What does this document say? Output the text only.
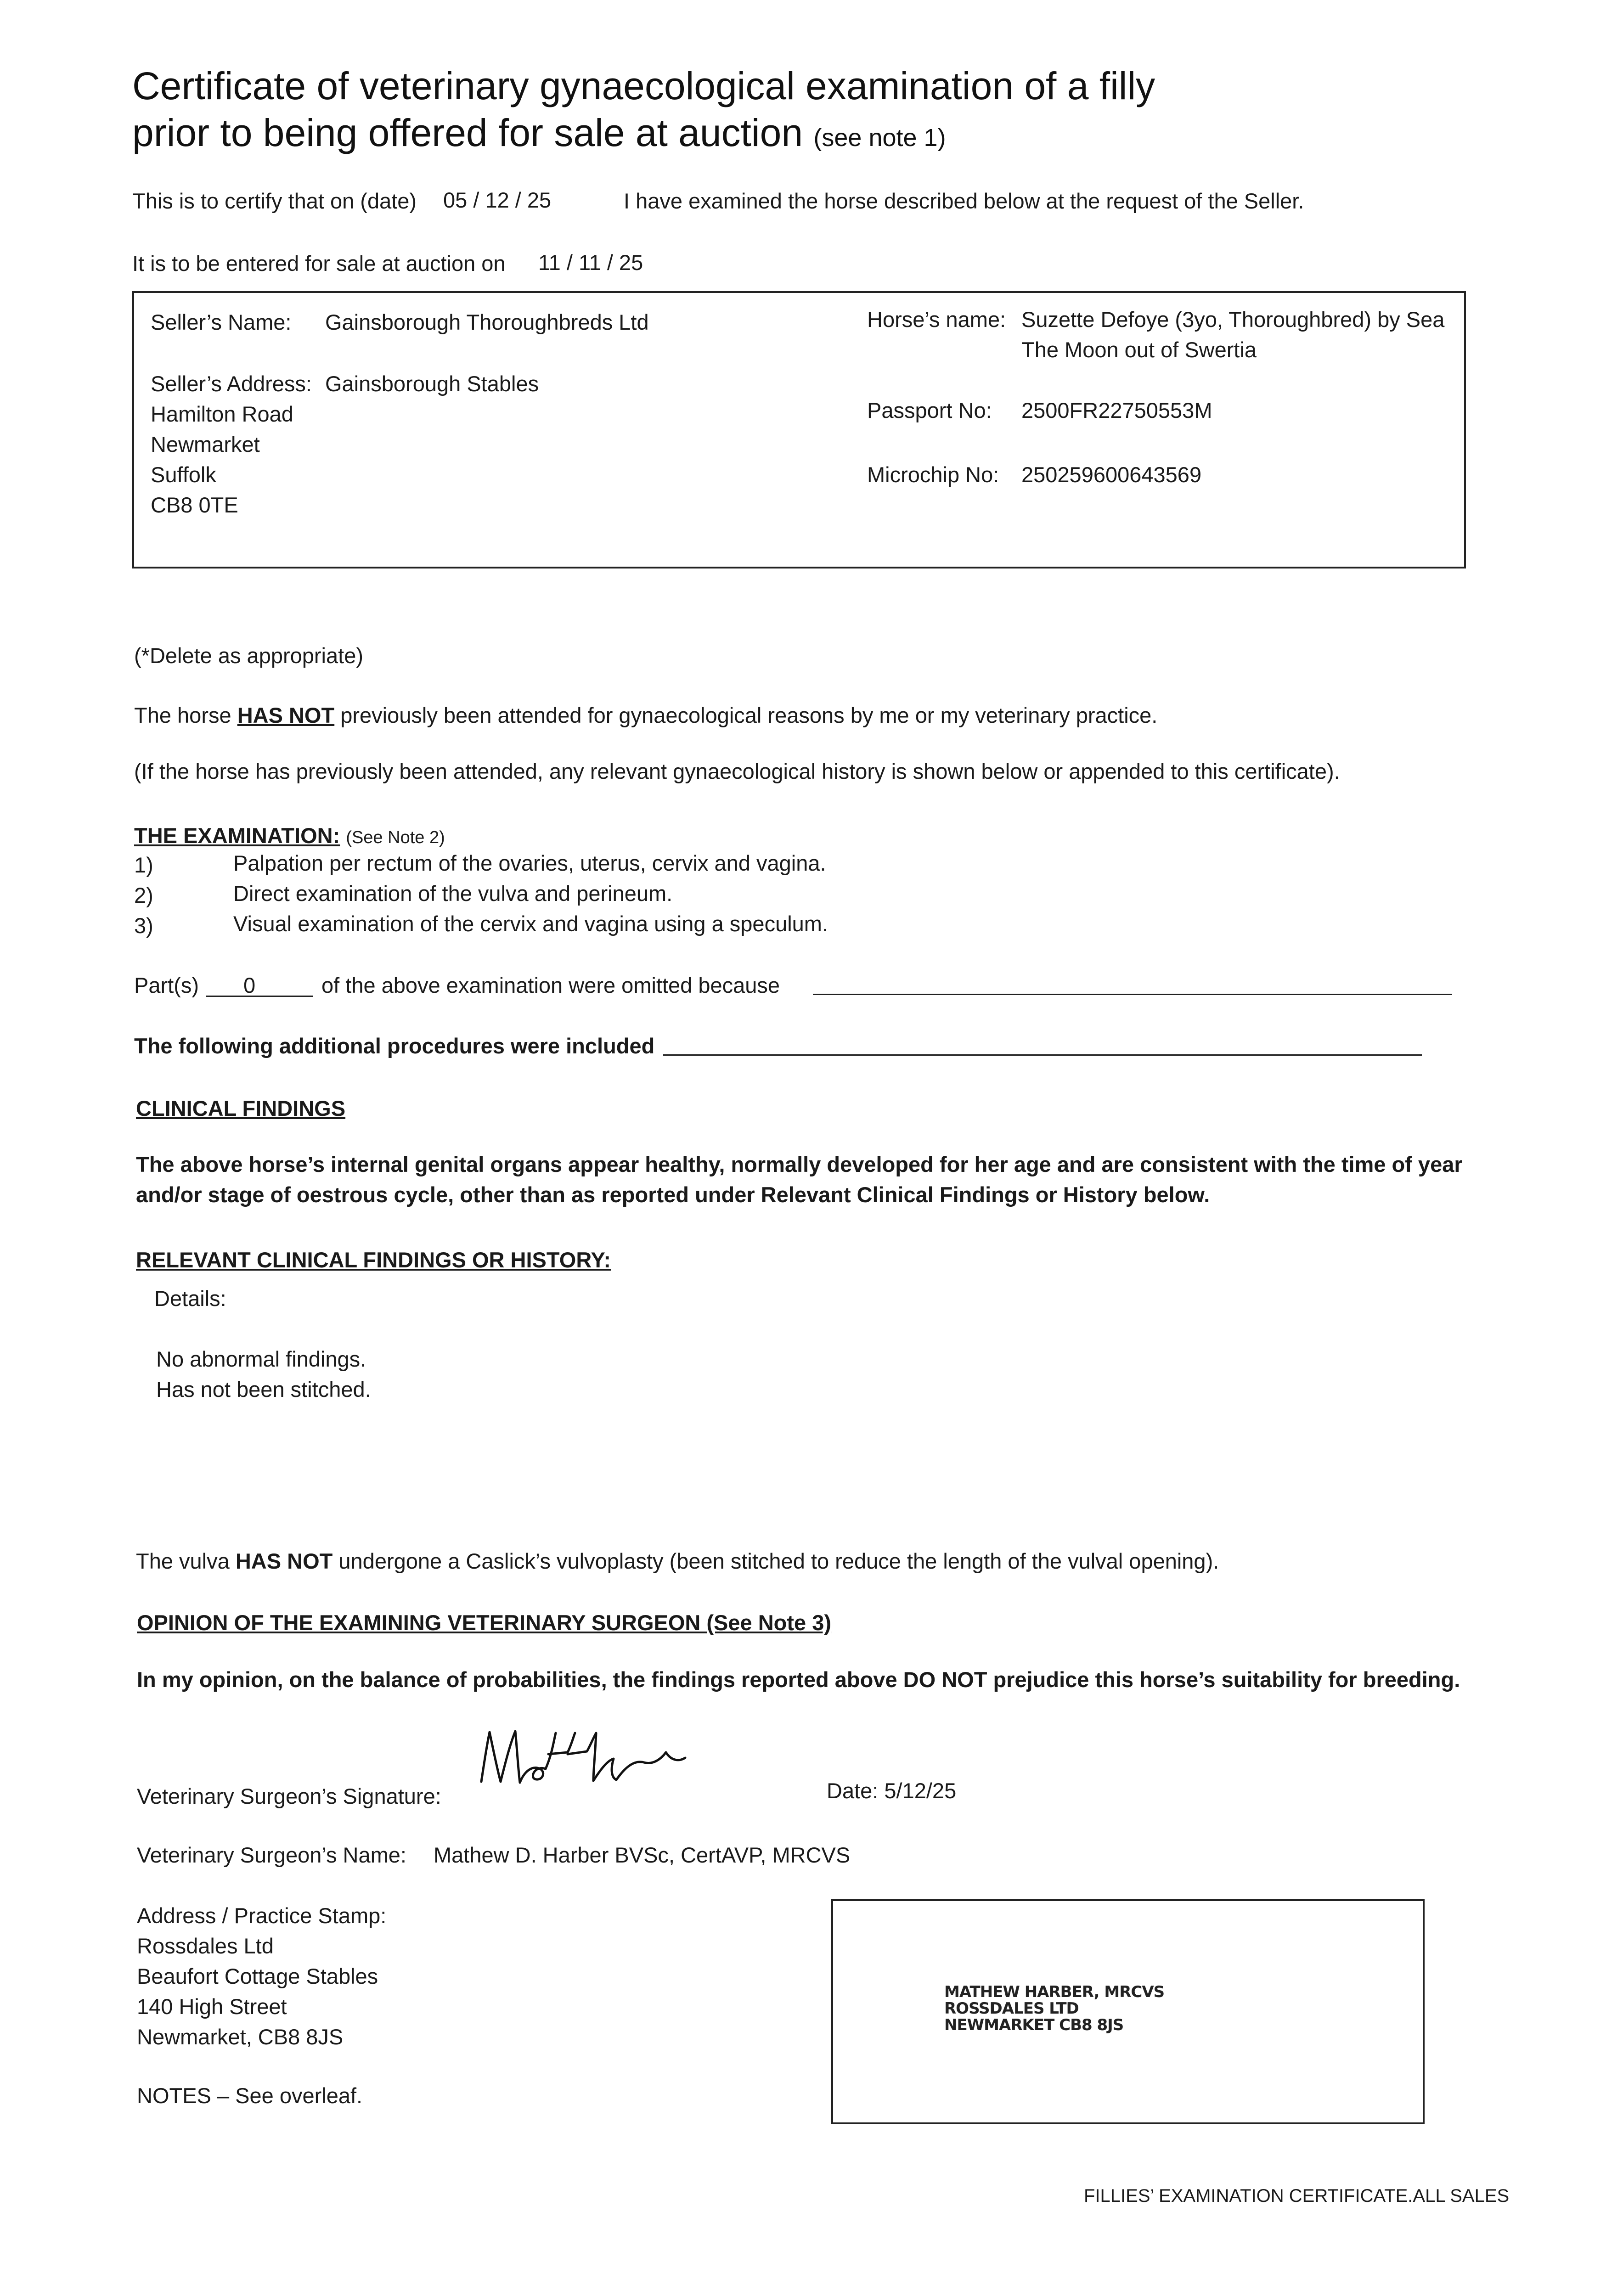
Certificate of veterinary gynaecological examination of a filly
prior to being offered for sale at auction (see note 1)
This is to certify that on (date) 05 / 12 / 25	I have examined the horse described below at the request of the Seller.
It is to be entered for sale at auction on 11 / 11 / 25
Seller’s Name: Gainsborough Thoroughbreds Ltd
Seller’s Address: Gainsborough Stables
Hamilton Road
Newmarket
Suffolk
CB8 0TE
Horse’s name: Suzette Defoye (3yo, Thoroughbred) by Sea
The Moon out of Swertia
Passport No: 2500FR22750553M
Microchip No: 250259600643569
(*Delete as appropriate)
The horse HAS NOT previously been attended for gynaecological reasons by me or my veterinary practice.
(If the horse has previously been attended, any relevant gynaecological history is shown below or appended to this certificate).
THE EXAMINATION: (See Note 2)
1)	Palpation per rectum of the ovaries, uterus, cervix and vagina.
2)	Direct examination of the vulva and perineum.
3)	Visual examination of the cervix and vagina using a speculum.
Part(s) 0	of the above examination were omitted because
The following additional procedures were included
CLINICAL FINDINGS
The above horse’s internal genital organs appear healthy, normally developed for her age and are consistent with the time of year
and/or stage of oestrous cycle, other than as reported under Relevant Clinical Findings or History below.
RELEVANT CLINICAL FINDINGS OR HISTORY:
Details:
No abnormal findings.
Has not been stitched.
The vulva HAS NOT undergone a Caslick’s vulvoplasty (been stitched to reduce the length of the vulval opening).
OPINION OF THE EXAMINING VETERINARY SURGEON (See Note 3)
In my opinion, on the balance of probabilities, the findings reported above DO NOT prejudice this horse’s suitability for breeding.
Veterinary Surgeon’s Signature:	Date: 5/12/25
Veterinary Surgeon’s Name: Mathew D. Harber BVSc, CertAVP, MRCVS
Address / Practice Stamp:
Rossdales Ltd
Beaufort Cottage Stables
140 High Street
Newmarket, CB8 8JS
MATHEW HARBER, MRCVS
ROSSDALES LTD
NEWMARKET CB8 8JS
NOTES – See overleaf.
FILLIES’ EXAMINATION CERTIFICATE.ALL SALES
